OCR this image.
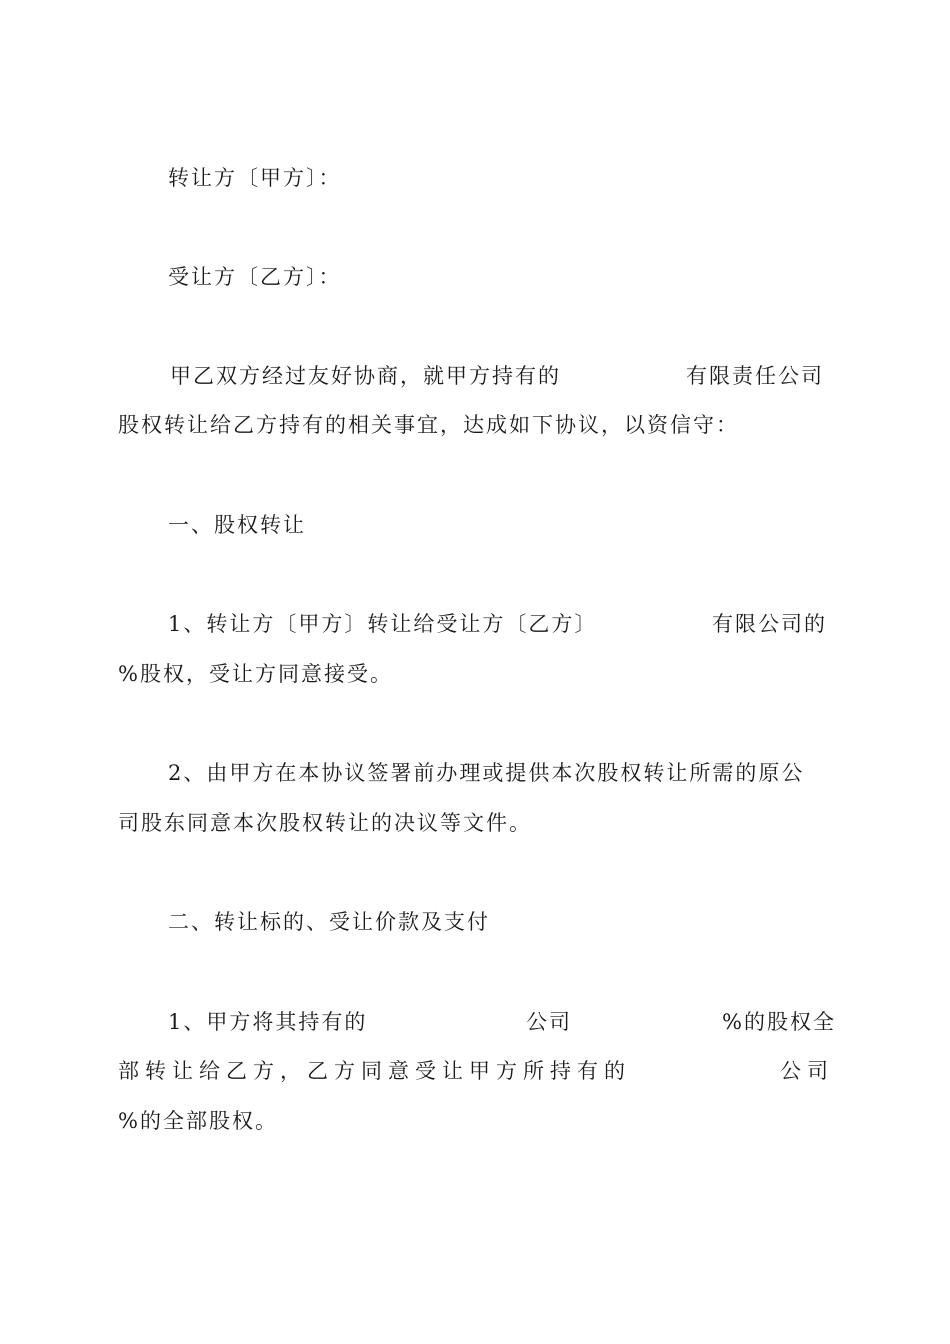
转让方〔甲方〕：

受让方〔乙方〕：

甲乙双方经过友好协商，就甲方持有的	有限责任公司

股权转让给乙方持有的相关事宜，达成如下协议，以资信守：

一、股权转让

1、转让方〔甲方〕转让给受让方〔乙方〕	有限公司的

%股权，受让方同意接受。

2、由甲方在本协议签署前办理或提供本次股权转让所需的原公

司股东同意本次股权转让的决议等文件。

二、转让标的、受让价款及支付

1、甲方将其持有的	公司	%的股权全

部转让给乙方，乙方同意受让甲方所持有的	公司

%的全部股权。
